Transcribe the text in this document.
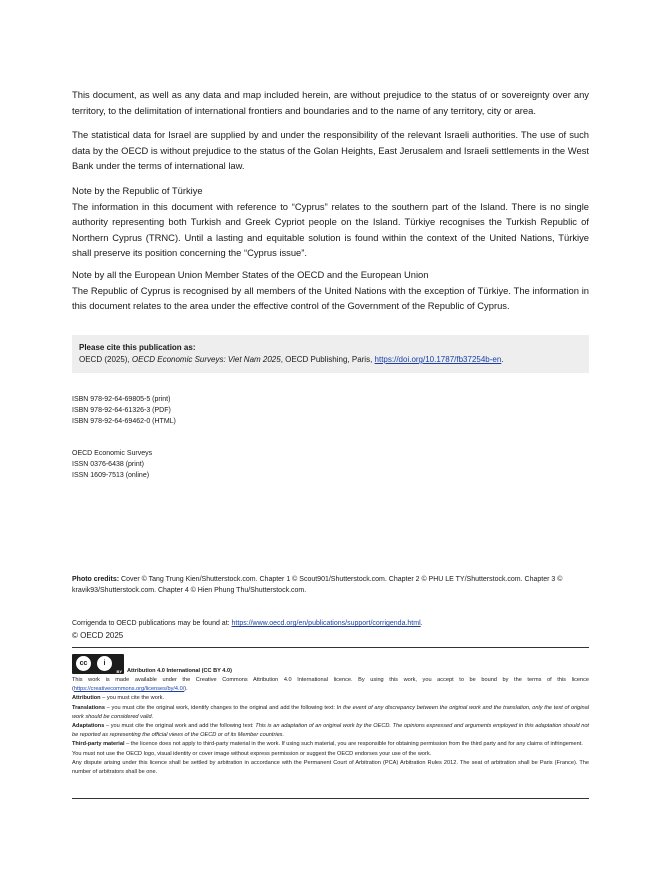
This document, as well as any data and map included herein, are without prejudice to the status of or sovereignty over any territory, to the delimitation of international frontiers and boundaries and to the name of any territory, city or area.

The statistical data for Israel are supplied by and under the responsibility of the relevant Israeli authorities. The use of such data by the OECD is without prejudice to the status of the Golan Heights, East Jerusalem and Israeli settlements in the West Bank under the terms of international law.

Note by the Republic of Türkiye
The information in this document with reference to “Cyprus” relates to the southern part of the Island. There is no single authority representing both Turkish and Greek Cypriot people on the Island. Türkiye recognises the Turkish Republic of Northern Cyprus (TRNC). Until a lasting and equitable solution is found within the context of the United Nations, Türkiye shall preserve its position concerning the “Cyprus issue”.
Note by all the European Union Member States of the OECD and the European Union
The Republic of Cyprus is recognised by all members of the United Nations with the exception of Türkiye. The information in this document relates to the area under the effective control of the Government of the Republic of Cyprus.
Please cite this publication as:
OECD (2025), OECD Economic Surveys: Viet Nam 2025, OECD Publishing, Paris, https://doi.org/10.1787/fb37254b-en.
ISBN 978-92-64-69805-5 (print)
ISBN 978-92-64-61326-3 (PDF)
ISBN 978-92-64-69462-0 (HTML)
OECD Economic Surveys
ISSN 0376-6438 (print)
ISSN 1609-7513 (online)
Photo credits: Cover © Tang Trung Kien/Shutterstock.com. Chapter 1 © Scout901/Shutterstock.com. Chapter 2 © PHU LE TY/Shutterstock.com. Chapter 3 © kravik93/Shutterstock.com. Chapter 4 © Hien Phung Thu/Shutterstock.com.
Corrigenda to OECD publications may be found at: https://www.oecd.org/en/publications/support/corrigenda.html.
© OECD 2025
cc	i
BY Attribution 4.0 International (CC BY 4.0)

This work is made available under the Creative Commons Attribution 4.0 International licence. By using this work, you accept to be bound by the terms of this licence (https://creativecommons.org/licenses/by/4.0/).

Attribution – you must cite the work.

Translations – you must cite the original work, identify changes to the original and add the following text: In the event of any discrepancy between the original work and the translation, only the text of original work should be considered valid.

Adaptations – you must cite the original work and add the following text: This is an adaptation of an original work by the OECD. The opinions expressed and arguments employed in this adaptation should not be reported as representing the official views of the OECD or of its Member countries.

Third-party material – the licence does not apply to third-party material in the work. If using such material, you are responsible for obtaining permission from the third party and for any claims of infringement.

You must not use the OECD logo, visual identity or cover image without express permission or suggest the OECD endorses your use of the work.

Any dispute arising under this licence shall be settled by arbitration in accordance with the Permanent Court of Arbitration (PCA) Arbitration Rules 2012. The seat of arbitration shall be Paris (France). The number of arbitrators shall be one.
